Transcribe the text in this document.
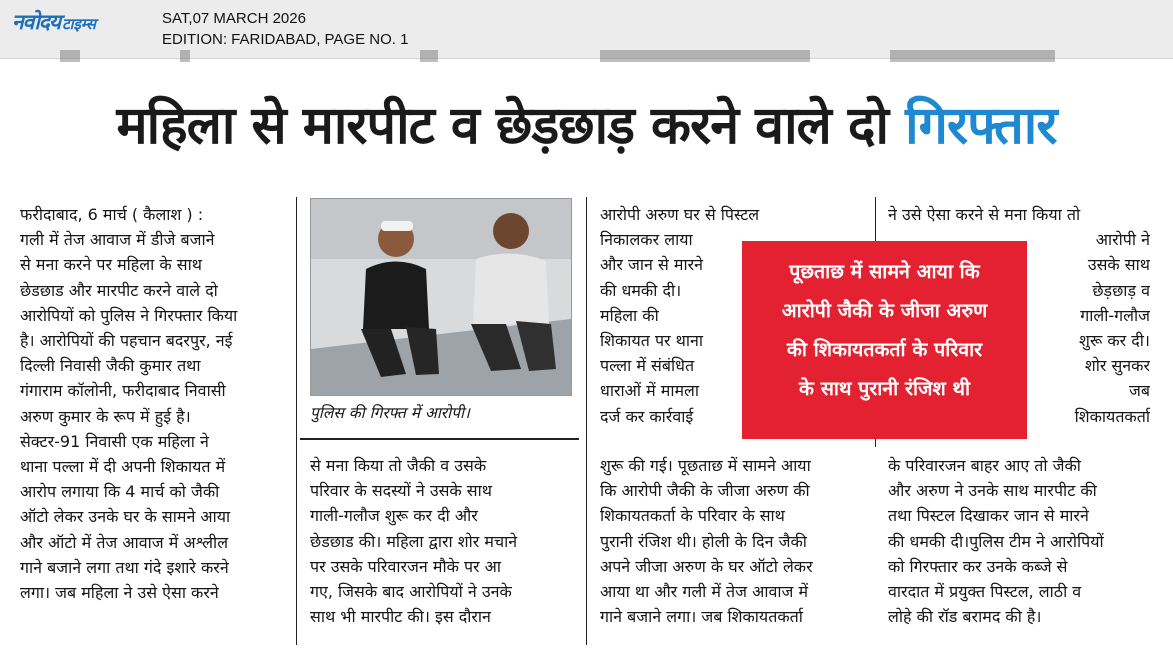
नवोदय टाइम्स	SAT,07 MARCH 2026
EDITION: FARIDABAD, PAGE NO. 1
महिला से मारपीट व छेड़छाड़ करने वाले दो गिरफ्तार
फरीदाबाद, 6 मार्च ( कैलाश ) :
गली में तेज आवाज में डीजे बजाने
से मना करने पर महिला के साथ
छेडछाड और मारपीट करने वाले दो
आरोपियों को पुलिस ने गिरफ्तार किया
है। आरोपियों की पहचान बदरपुर, नई
दिल्ली निवासी जैकी कुमार तथा
गंगाराम कॉलोनी, फरीदाबाद निवासी
अरुण कुमार के रूप में हुई है।
सेक्टर-91 निवासी एक महिला ने
थाना पल्ला में दी अपनी शिकायत में
आरोप लगाया कि 4 मार्च को जैकी
ऑटो लेकर उनके घर के सामने आया
और ऑटो में तेज आवाज में अश्लील
गाने बजाने लगा तथा गंदे इशारे करने
लगा। जब महिला ने उसे ऐसा करने
पुलिस की गिरफ्त में आरोपी।
से मना किया तो जैकी व उसके
परिवार के सदस्यों ने उसके साथ
गाली-गलौज शुरू कर दी और
छेडछाड की। महिला द्वारा शोर मचाने
पर उसके परिवारजन मौके पर आ
गए, जिसके बाद आरोपियों ने उनके
साथ भी मारपीट की। इस दौरान
आरोपी अरुण घर से पिस्टल
निकालकर लाया
और जान से मारने
की धमकी दी।
महिला की
शिकायत पर थाना
पल्ला में संबंधित
धाराओं में मामला
दर्ज कर कार्रवाई
शुरू की गई। पूछताछ में सामने आया
कि आरोपी जैकी के जीजा अरुण की
शिकायतकर्ता के परिवार के साथ
पुरानी रंजिश थी। होली के दिन जैकी
अपने जीजा अरुण के घर ऑटो लेकर
आया था और गली में तेज आवाज में
गाने बजाने लगा। जब शिकायतकर्ता
ने उसे ऐसा करने से मना किया तो
आरोपी ने
उसके साथ
छेड़छाड़ व
गाली-गलौज
शुरू कर दी।
शोर सुनकर
जब
शिकायतकर्ता
के परिवारजन बाहर आए तो जैकी
और अरुण ने उनके साथ मारपीट की
तथा पिस्टल दिखाकर जान से मारने
की धमकी दी।पुलिस टीम ने आरोपियों
को गिरफ्तार कर उनके कब्जे से
वारदात में प्रयुक्त पिस्टल, लाठी व
लोहे की रॉड बरामद की है।
पूछताछ में सामने आया कि
आरोपी जैकी के जीजा अरुण
की शिकायतकर्ता के परिवार
के साथ पुरानी रंजिश थी
